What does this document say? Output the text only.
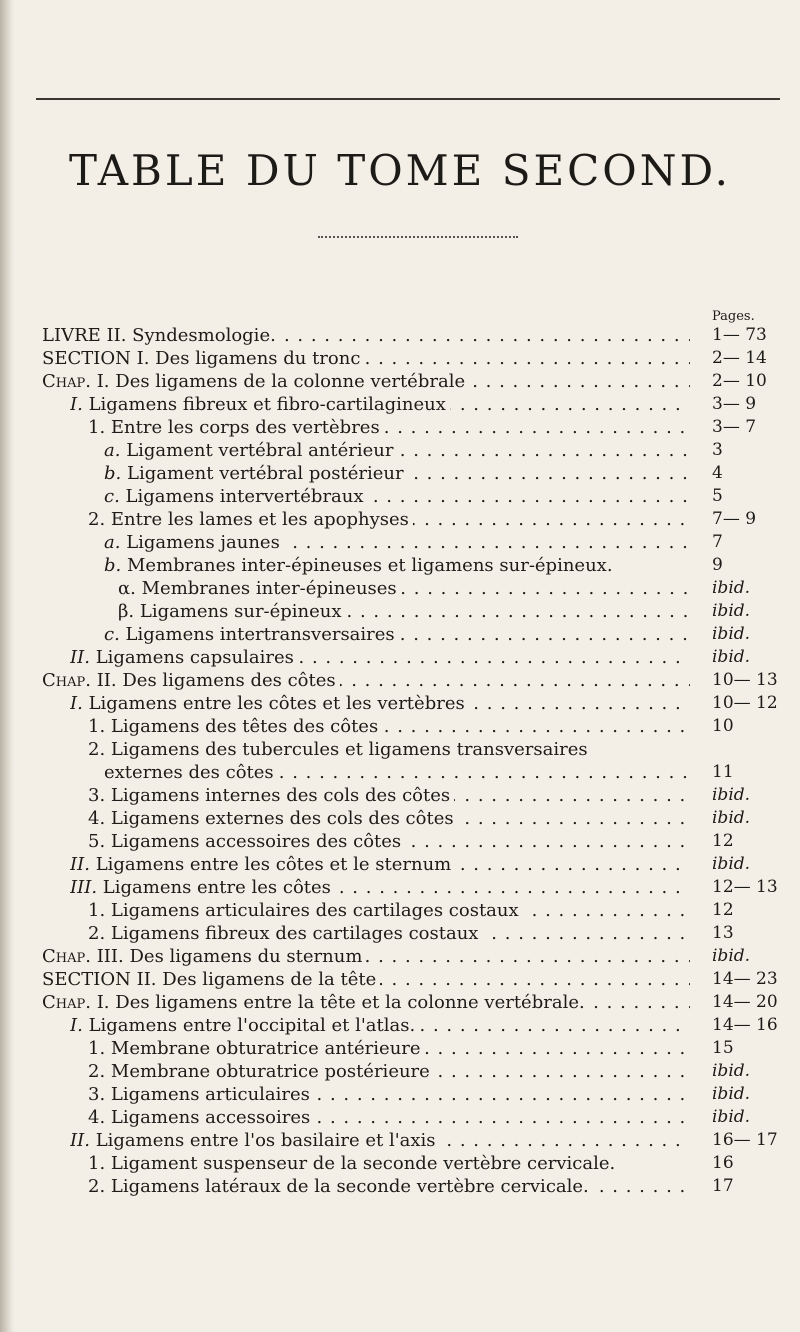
TABLE DU TOME SECOND.
Pages.
. . . LIVRE II. Syndesmologie.	1— 73
. . . SECTION I. Des ligamens du tronc	2— 14
. . . Chap. I. Des ligamens de la colonne vertébrale	2— 10
. . . I. Ligamens fibreux et fibro-cartilagineux	3— 9
. . . 1. Entre les corps des vertèbres	3— 7
. . . a. Ligament vertébral antérieur	3
. . . b. Ligament vertébral postérieur	4
. . . c. Ligamens intervertébraux	5
. . . 2. Entre les lames et les apophyses	7— 9
. . . a. Ligamens jaunes	7
b. Membranes inter-épineuses et ligamens sur-épineux.	9
. . . α. Membranes inter-épineuses	ibid.
. . . β. Ligamens sur-épineux	ibid.
. . . c. Ligamens intertransversaires	ibid.
. . . II. Ligamens capsulaires	ibid.
. . . Chap. II. Des ligamens des côtes	10— 13
. . . I. Ligamens entre les côtes et les vertèbres	10— 12
. . . 1. Ligamens des têtes des côtes	10
2. Ligamens des tubercules et ligamens transversaires
. . . externes des côtes	11
. . . 3. Ligamens internes des cols des côtes	ibid.
. . . 4. Ligamens externes des cols des côtes	ibid.
. . . 5. Ligamens accessoires des côtes	12
. . . II. Ligamens entre les côtes et le sternum	ibid.
. . . III. Ligamens entre les côtes	12— 13
. . . 1. Ligamens articulaires des cartilages costaux	12
. . . 2. Ligamens fibreux des cartilages costaux	13
. . . Chap. III. Des ligamens du sternum	ibid.
. . . SECTION II. Des ligamens de la tête	14— 23
. . . Chap. I. Des ligamens entre la tête et la colonne vertébrale.	14— 20
. . . I. Ligamens entre l'occipital et l'atlas.	14— 16
. . . 1. Membrane obturatrice antérieure	15
. . . 2. Membrane obturatrice postérieure	ibid.
. . . 3. Ligamens articulaires	ibid.
. . . 4. Ligamens accessoires	ibid.
. . . II. Ligamens entre l'os basilaire et l'axis	16— 17
1. Ligament suspenseur de la seconde vertèbre cervicale.	16
. . . 2. Ligamens latéraux de la seconde vertèbre cervicale.	17
